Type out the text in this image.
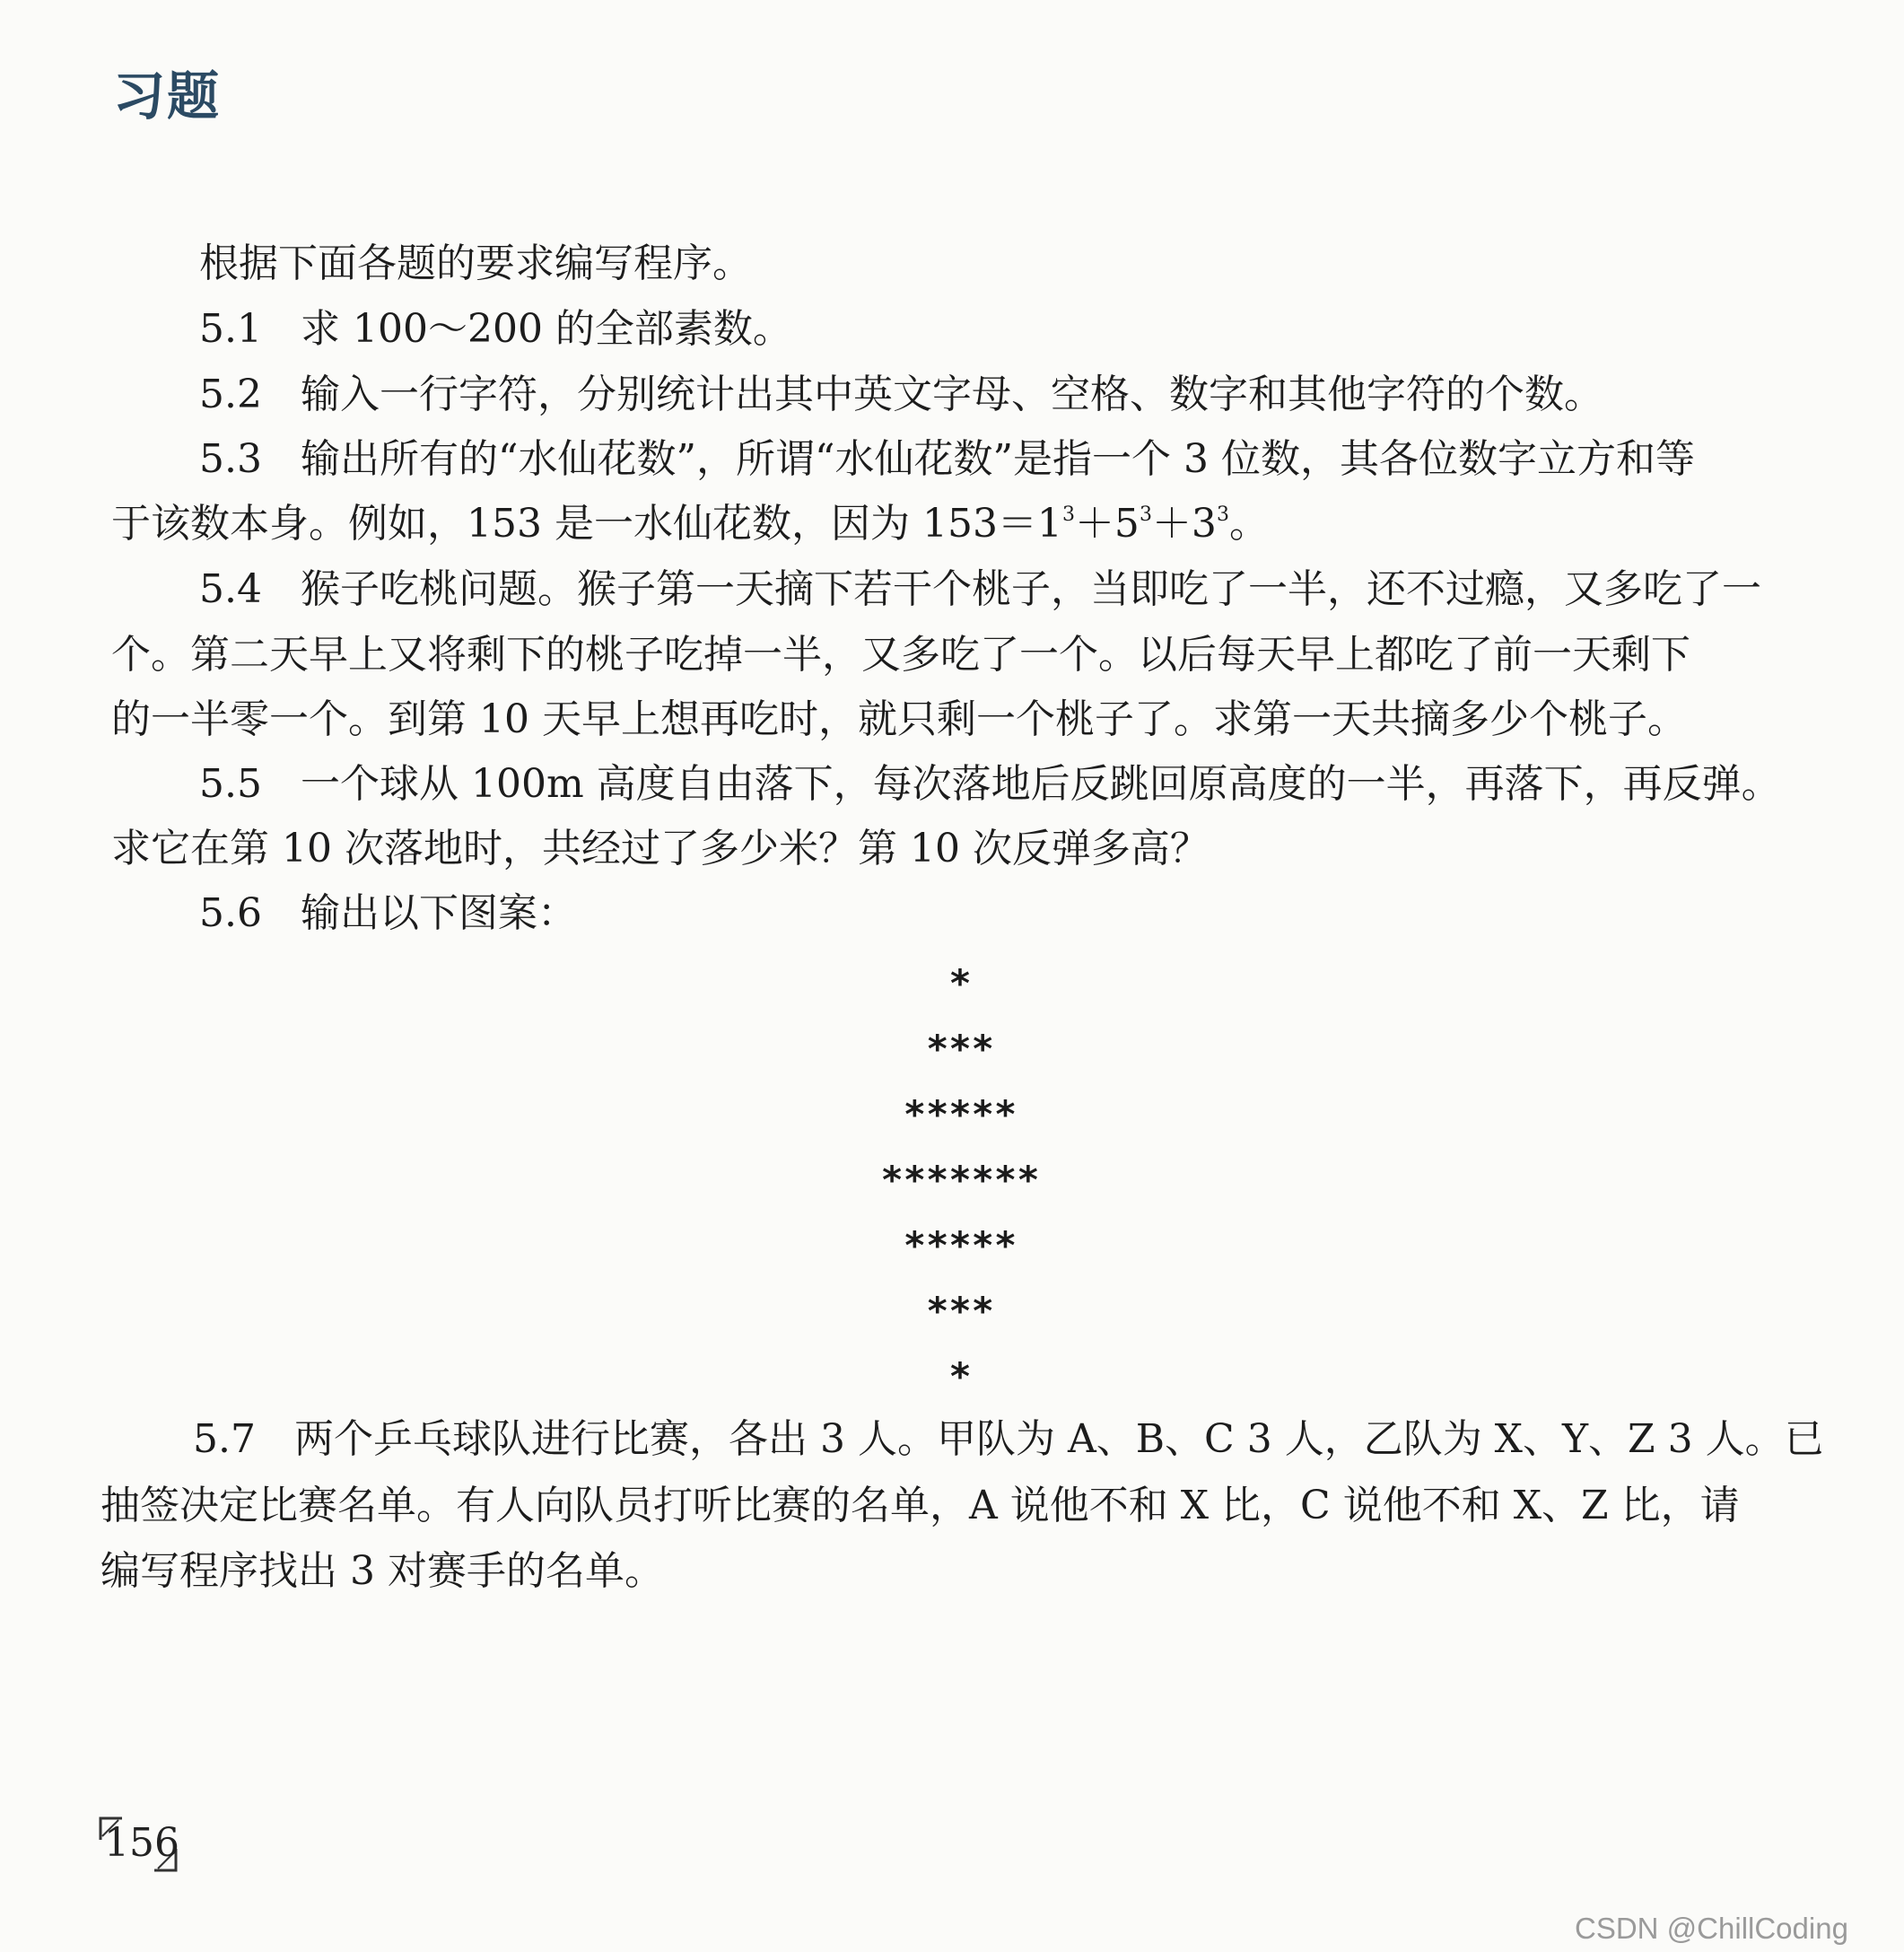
习题
根据下面各题的要求编写程序。
5.1 求 100～200 的全部素数。
5.2 输入一行字符，分别统计出其中英文字母、空格、数字和其他字符的个数。
5.3 输出所有的“水仙花数”，所谓“水仙花数”是指一个 3 位数，其各位数字立方和等
于该数本身。例如，153 是一水仙花数，因为 $153=1^3+5^3+3^3$。
5.4 猴子吃桃问题。猴子第一天摘下若干个桃子，当即吃了一半，还不过瘾，又多吃了一
个。第二天早上又将剩下的桃子吃掉一半，又多吃了一个。以后每天早上都吃了前一天剩下
的一半零一个。到第 10 天早上想再吃时，就只剩一个桃子了。求第一天共摘多少个桃子。
5.5 一个球从 100m 高度自由落下，每次落地后反跳回原高度的一半，再落下，再反弹。
求它在第 10 次落地时，共经过了多少米？第 10 次反弹多高？
5.6 输出以下图案：
*
***
*****
*******
*****
***
*
5.7 两个乒乓球队进行比赛，各出 3 人。甲队为 A、B、C 3 人，乙队为 X、Y、Z 3 人。已
抽签决定比赛名单。有人向队员打听比赛的名单，A 说他不和 X 比，C 说他不和 X、Z 比，请
编写程序找出 3 对赛手的名单。
156
CSDN @ChillCoding
